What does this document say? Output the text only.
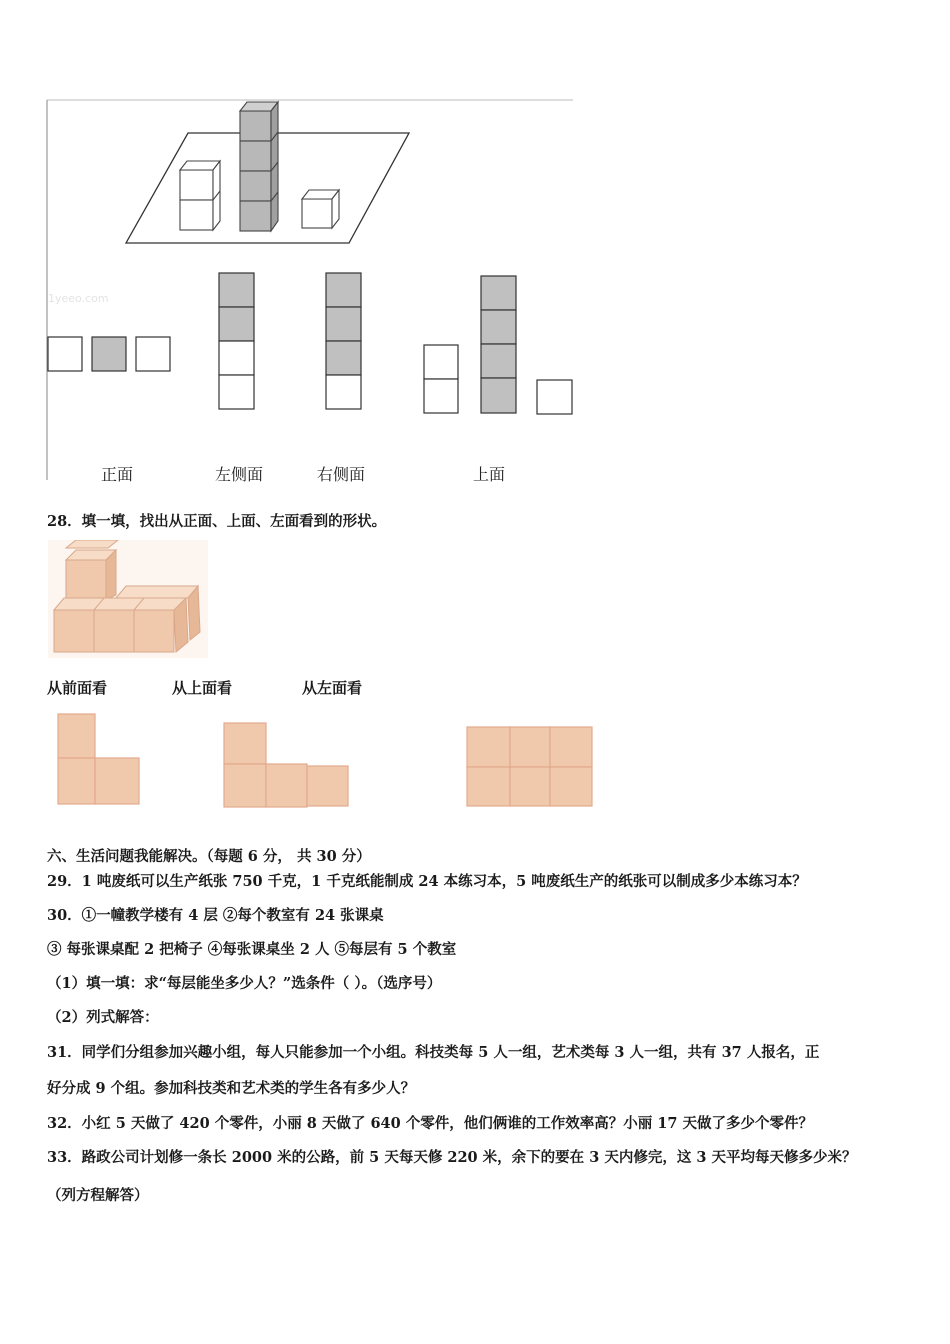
1yeeo.com
正面	左侧面	右侧面	上面
28．填一填，找出从正面、上面、左面看到的形状。
从前面看	从上面看	从左面看
六、生活问题我能解决。（每题 6 分， 共 30 分）
29．1 吨废纸可以生产纸张 750 千克，1 千克纸能制成 24 本练习本，5 吨废纸生产的纸张可以制成多少本练习本？
30．①一幢教学楼有 4 层 ②每个教室有 24 张课桌
③ 每张课桌配 2 把椅子 ④每张课桌坐 2 人 ⑤每层有 5 个教室
（1）填一填：求“每层能坐多少人？”选条件（ ）。（选序号）
（2）列式解答：
31．同学们分组参加兴趣小组，每人只能参加一个小组。科技类每 5 人一组，艺术类每 3 人一组，共有 37 人报名，正
好分成 9 个组。参加科技类和艺术类的学生各有多少人？
32．小红 5 天做了 420 个零件，小丽 8 天做了 640 个零件，他们俩谁的工作效率高？小丽 17 天做了多少个零件？
33．路政公司计划修一条长 2000 米的公路，前 5 天每天修 220 米，余下的要在 3 天内修完，这 3 天平均每天修多少米？
（列方程解答）
